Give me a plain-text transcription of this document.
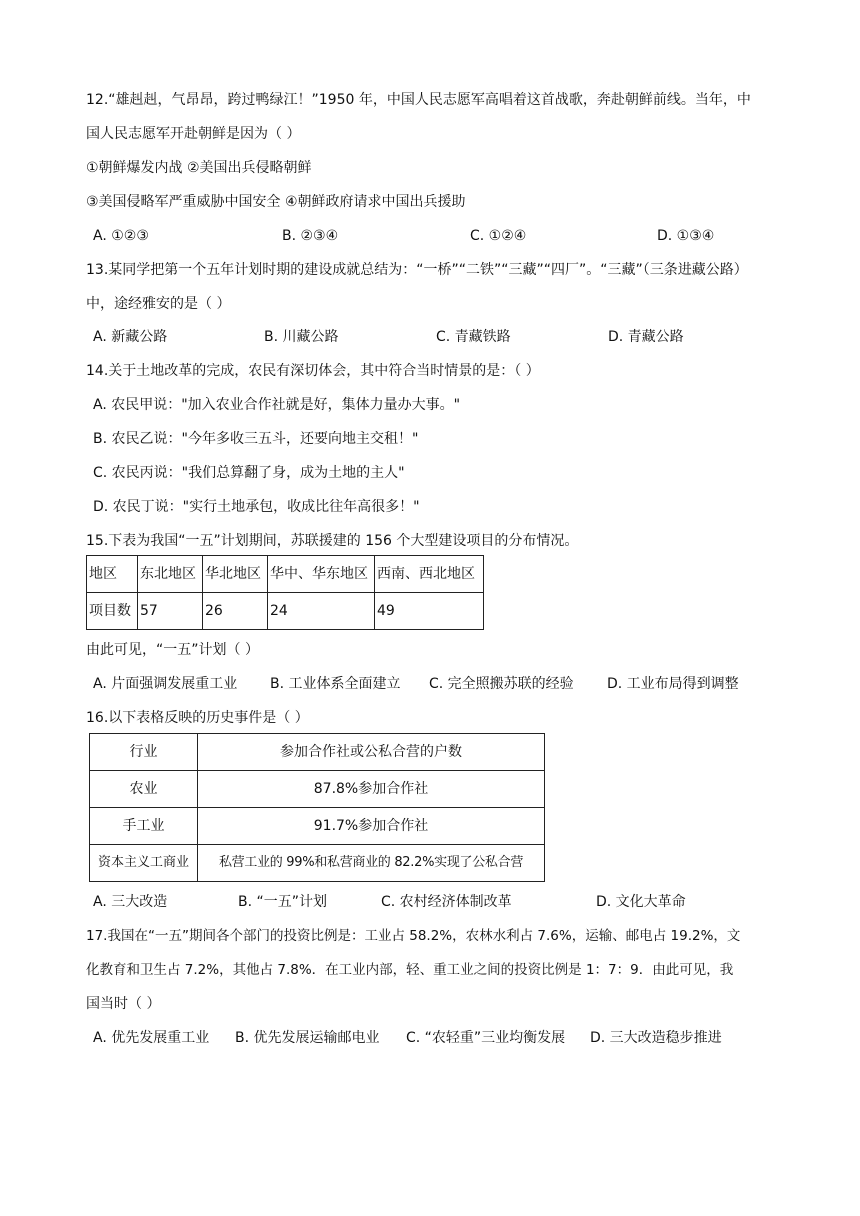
12.“雄赳赳，气昂昂，跨过鸭绿江！”1950 年，中国人民志愿军高唱着这首战歌，奔赴朝鲜前线。当年，中
国人民志愿军开赴朝鲜是因为（ ）
①朝鲜爆发内战 ②美国出兵侵略朝鲜
③美国侵略军严重威胁中国安全 ④朝鲜政府请求中国出兵援助
A. ①②③	B. ②③④	C. ①②④	D. ①③④
13.某同学把第一个五年计划时期的建设成就总结为：“一桥”“二铁”“三藏”“四厂”。“三藏”（三条进藏公路）
中，途经雅安的是（ ）
A. 新藏公路	B. 川藏公路	C. 青藏铁路	D. 青藏公路
14.关于土地改革的完成，农民有深切体会，其中符合当时情景的是：（ ）
A. 农民甲说："加入农业合作社就是好，集体力量办大事。"
B. 农民乙说："今年多收三五斗，还要向地主交租！"
C. 农民丙说："我们总算翻了身，成为土地的主人"
D. 农民丁说："实行土地承包，收成比往年高很多！"
15.下表为我国“一五”计划期间，苏联援建的 156 个大型建设项目的分布情况。
地区	东北地区	华北地区	华中、华东地区	西南、西北地区
项目数	57	26	24	49
由此可见，“一五”计划（ ）
A. 片面强调发展重工业 B. 工业体系全面建立 C. 完全照搬苏联的经验 D. 工业布局得到调整
16.以下表格反映的历史事件是（ ）
行业	参加合作社或公私合营的户数
农业	87.8%参加合作社
手工业	91.7%参加合作社
资本主义工商业	私营工业的 99%和私营商业的 82.2%实现了公私合营
A. 三大改造	B. “一五”计划	C. 农村经济体制改革	D. 文化大革命
17.我国在“一五”期间各个部门的投资比例是：工业占 58.2%，农林水利占 7.6%，运输、邮电占 19.2%，文
化教育和卫生占 7.2%，其他占 7.8%．在工业内部，轻、重工业之间的投资比例是 1：7：9．由此可见，我
国当时（ ）
A. 优先发展重工业 B. 优先发展运输邮电业 C. “农轻重”三业均衡发展 D. 三大改造稳步推进
